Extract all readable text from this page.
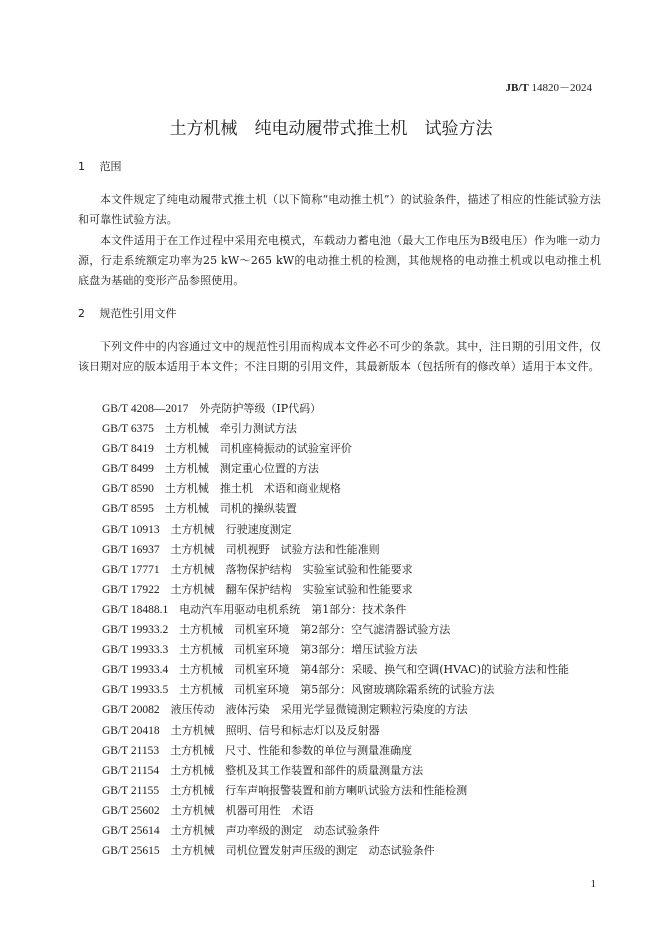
JB/T 14820－2024
土方机械　纯电动履带式推土机　试验方法
1 范围

本文件规定了纯电动履带式推土机（以下简称“电动推土机”）的试验条件，描述了相应的性能试验方法和可靠性试验方法。

本文件适用于在工作过程中采用充电模式，车载动力蓄电池（最大工作电压为B级电压）作为唯一动力源，行走系统额定功率为25 kW～265 kW的电动推土机的检测，其他规格的电动推土机或以电动推土机底盘为基础的变形产品参照使用。

2 规范性引用文件

下列文件中的内容通过文中的规范性引用而构成本文件必不可少的条款。其中，注日期的引用文件，仅该日期对应的版本适用于本文件；不注日期的引用文件，其最新版本（包括所有的修改单）适用于本文件。

GB/T 4208—2017　 外壳防护等级（IP代码）
GB/T 6375　 土方机械　牵引力测试方法
GB/T 8419　 土方机械　司机座椅振动的试验室评价
GB/T 8499　 土方机械　测定重心位置的方法
GB/T 8590　 土方机械　推土机　术语和商业规格
GB/T 8595　 土方机械　司机的操纵装置
GB/T 10913　 土方机械　行驶速度测定
GB/T 16937　 土方机械　司机视野　试验方法和性能准则
GB/T 17771　 土方机械　落物保护结构　实验室试验和性能要求
GB/T 17922　 土方机械　翻车保护结构　实验室试验和性能要求
GB/T 18488.1　 电动汽车用驱动电机系统　第1部分：技术条件
GB/T 19933.2　 土方机械　司机室环境　第2部分：空气滤清器试验方法
GB/T 19933.3　 土方机械　司机室环境　第3部分：增压试验方法
GB/T 19933.4　 土方机械　司机室环境　第4部分：采暖、换气和空调(HVAC)的试验方法和性能
GB/T 19933.5　 土方机械　司机室环境　第5部分：风窗玻璃除霜系统的试验方法
GB/T 20082　 液压传动　液体污染　采用光学显微镜测定颗粒污染度的方法
GB/T 20418　 土方机械　照明、信号和标志灯以及反射器
GB/T 21153　 土方机械　尺寸、性能和参数的单位与测量准确度
GB/T 21154　 土方机械　整机及其工作装置和部件的质量测量方法
GB/T 21155　 土方机械　行车声响报警装置和前方喇叭试验方法和性能检测
GB/T 25602　 土方机械　机器可用性　术语
GB/T 25614　 土方机械　声功率级的测定　动态试验条件
GB/T 25615　 土方机械　司机位置发射声压级的测定　动态试验条件
1
